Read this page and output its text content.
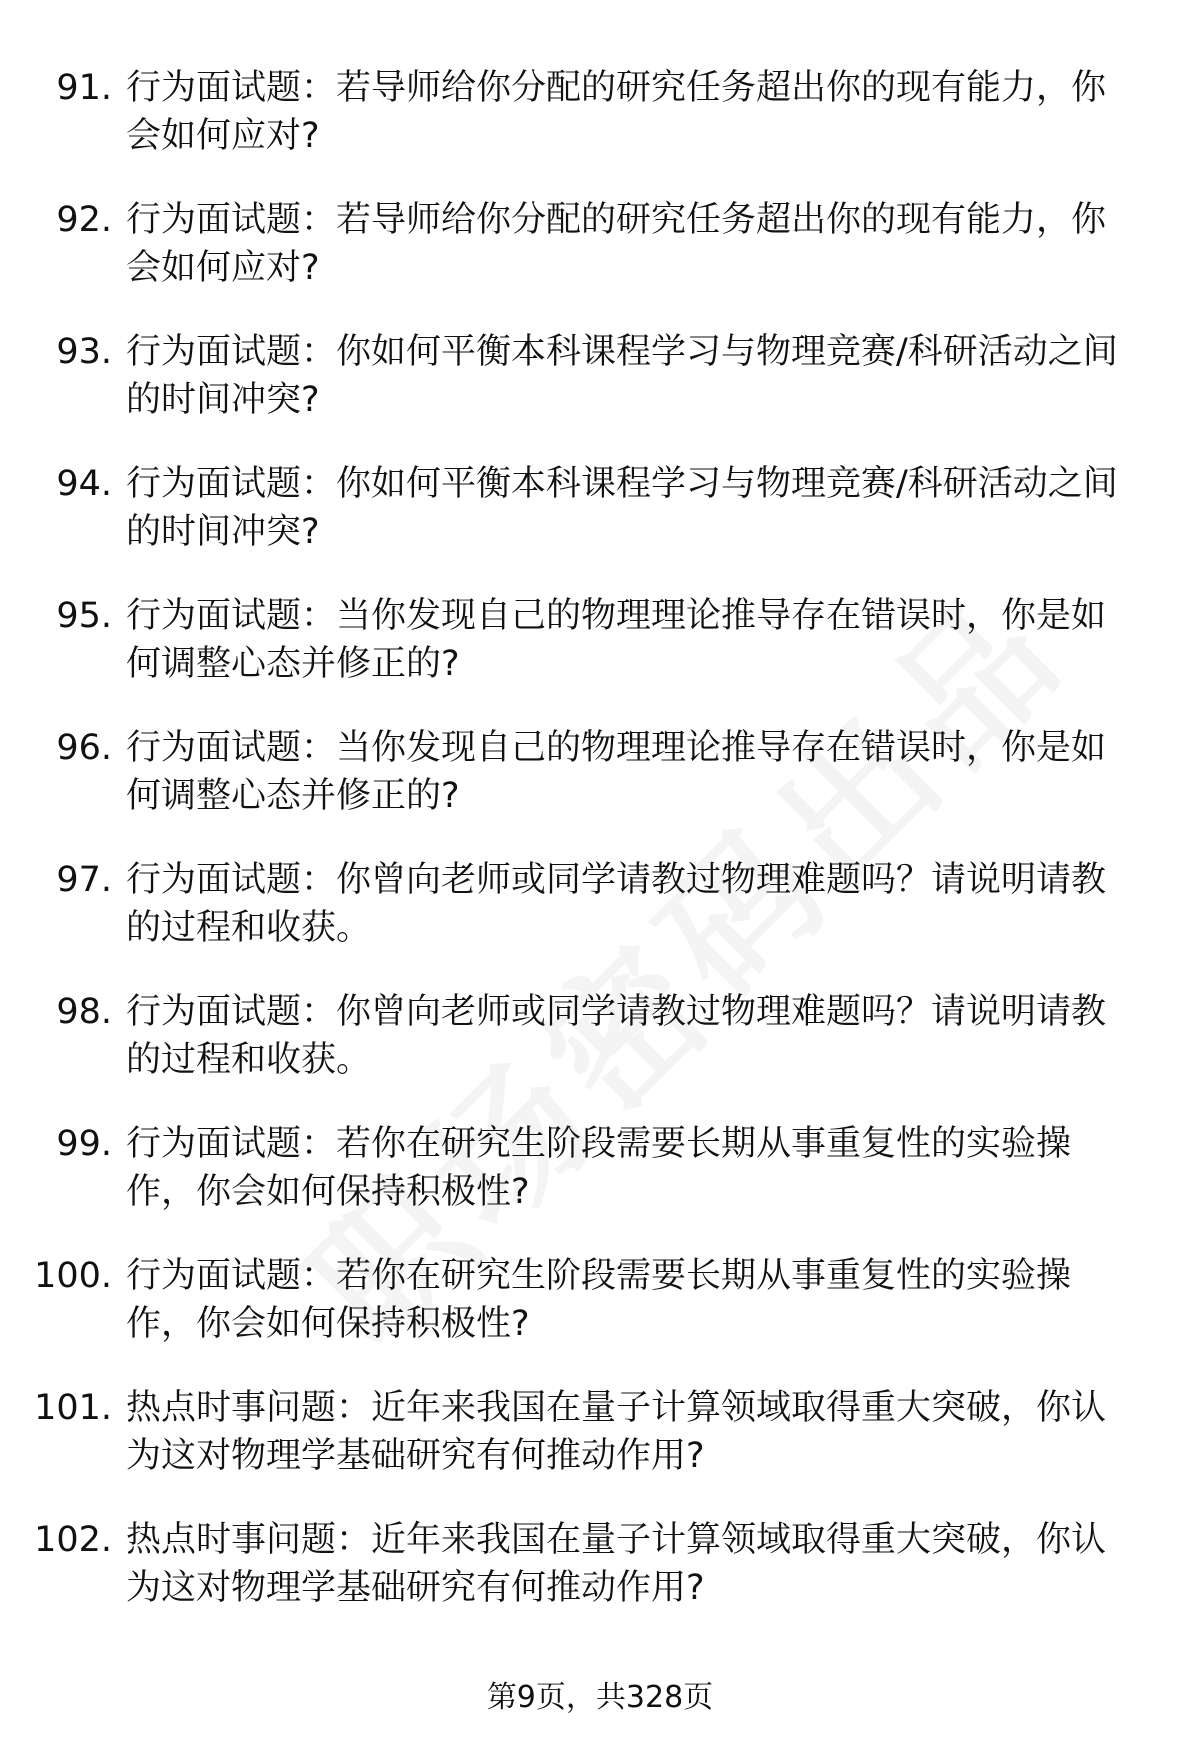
91. 行为面试题：若导师给你分配的研究任务超出你的现有能力，你
会如何应对?
92. 行为面试题：若导师给你分配的研究任务超出你的现有能力，你
会如何应对?
93. 行为面试题：你如何平衡本科课程学习与物理竞赛/科研活动之间
的时间冲突?
94. 行为面试题：你如何平衡本科课程学习与物理竞赛/科研活动之间
的时间冲突?
95. 行为面试题：当你发现自己的物理理论推导存在错误时，你是如
何调整心态并修正的?
96. 行为面试题：当你发现自己的物理理论推导存在错误时，你是如
何调整心态并修正的?
97. 行为面试题：你曾向老师或同学请教过物理难题吗？请说明请教
的过程和收获。
98. 行为面试题：你曾向老师或同学请教过物理难题吗？请说明请教
的过程和收获。
99. 行为面试题：若你在研究生阶段需要长期从事重复性的实验操
作，你会如何保持积极性?
100. 行为面试题：若你在研究生阶段需要长期从事重复性的实验操
作，你会如何保持积极性?
101. 热点时事问题：近年来我国在量子计算领域取得重大突破，你认
为这对物理学基础研究有何推动作用?
102. 热点时事问题：近年来我国在量子计算领域取得重大突破，你认
为这对物理学基础研究有何推动作用?
第9页，共328页
